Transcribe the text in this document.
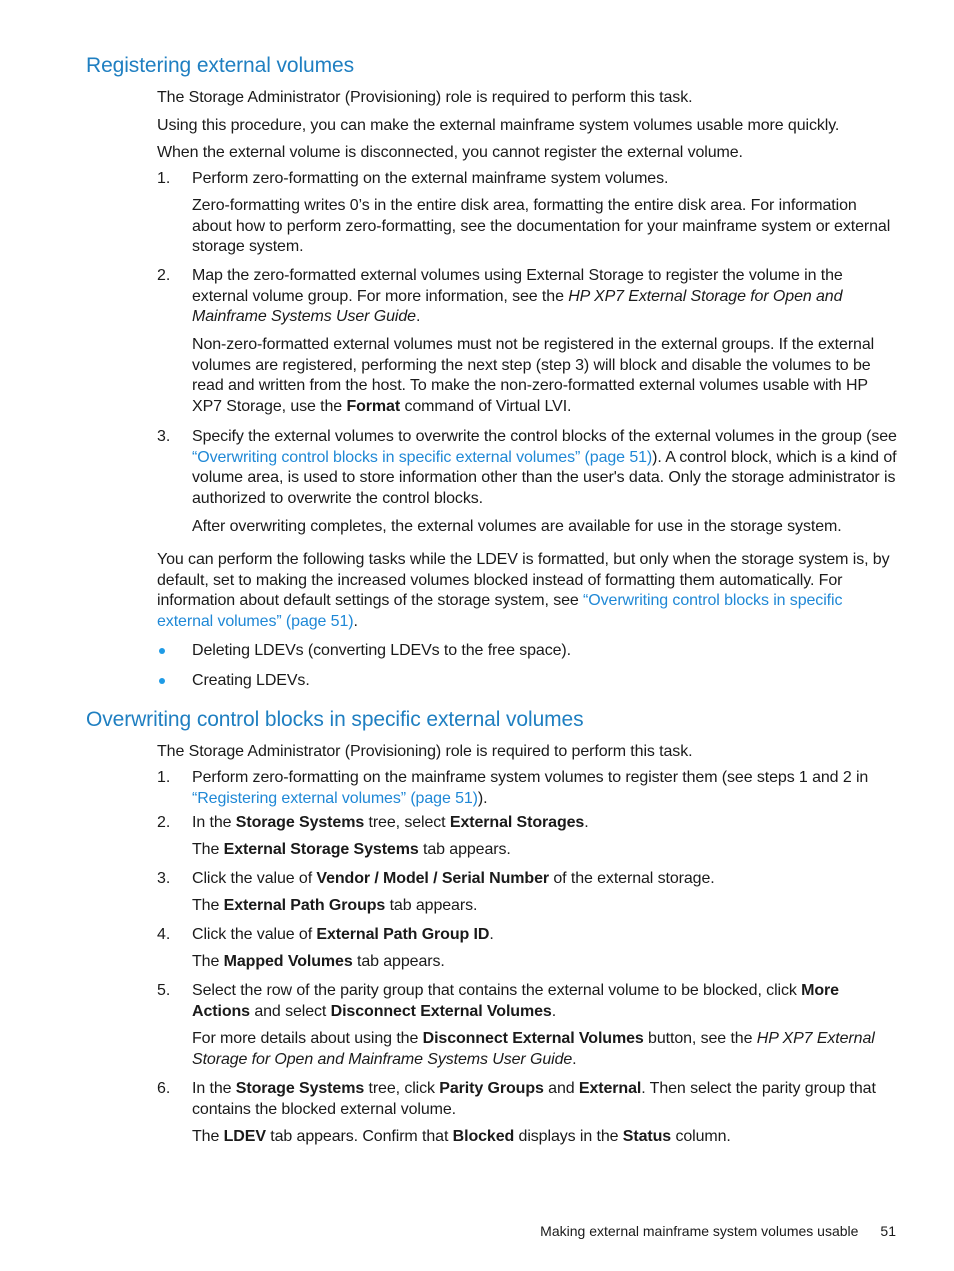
Registering external volumes

The Storage Administrator (Provisioning) role is required to perform this task.

Using this procedure, you can make the external mainframe system volumes usable more quickly.

When the external volume is disconnected, you cannot register the external volume.

1. Perform zero-formatting on the external mainframe system volumes.

Zero-formatting writes 0’s in the entire disk area, formatting the entire disk area. For information about how to perform zero-formatting, see the documentation for your mainframe system or external storage system.

2. Map the zero-formatted external volumes using External Storage to register the volume in the external volume group. For more information, see the HP XP7 External Storage for Open and Mainframe Systems User Guide.

Non-zero-formatted external volumes must not be registered in the external groups. If the external volumes are registered, performing the next step (step 3) will block and disable the volumes to be read and written from the host. To make the non-zero-formatted external volumes usable with HP XP7 Storage, use the Format command of Virtual LVI.

3. Specify the external volumes to overwrite the control blocks of the external volumes in the group (see “Overwriting control blocks in specific external volumes” (page 51)). A control block, which is a kind of volume area, is used to store information other than the user's data. Only the storage administrator is authorized to overwrite the control blocks.

After overwriting completes, the external volumes are available for use in the storage system.

You can perform the following tasks while the LDEV is formatted, but only when the storage system is, by default, set to making the increased volumes blocked instead of formatting them automatically. For information about default settings of the storage system, see “Overwriting control blocks in specific external volumes” (page 51).

Deleting LDEVs (converting LDEVs to the free space).

Creating LDEVs.

Overwriting control blocks in specific external volumes

The Storage Administrator (Provisioning) role is required to perform this task.

1. Perform zero-formatting on the mainframe system volumes to register them (see steps 1 and 2 in “Registering external volumes” (page 51)).

2. In the Storage Systems tree, select External Storages.

The External Storage Systems tab appears.

3. Click the value of Vendor / Model / Serial Number of the external storage.

The External Path Groups tab appears.

4. Click the value of External Path Group ID.

The Mapped Volumes tab appears.

5. Select the row of the parity group that contains the external volume to be blocked, click More Actions and select Disconnect External Volumes.

For more details about using the Disconnect External Volumes button, see the HP XP7 External Storage for Open and Mainframe Systems User Guide.

6. In the Storage Systems tree, click Parity Groups and External. Then select the parity group that contains the blocked external volume.

The LDEV tab appears. Confirm that Blocked displays in the Status column.

Making external mainframe system volumes usable 51
